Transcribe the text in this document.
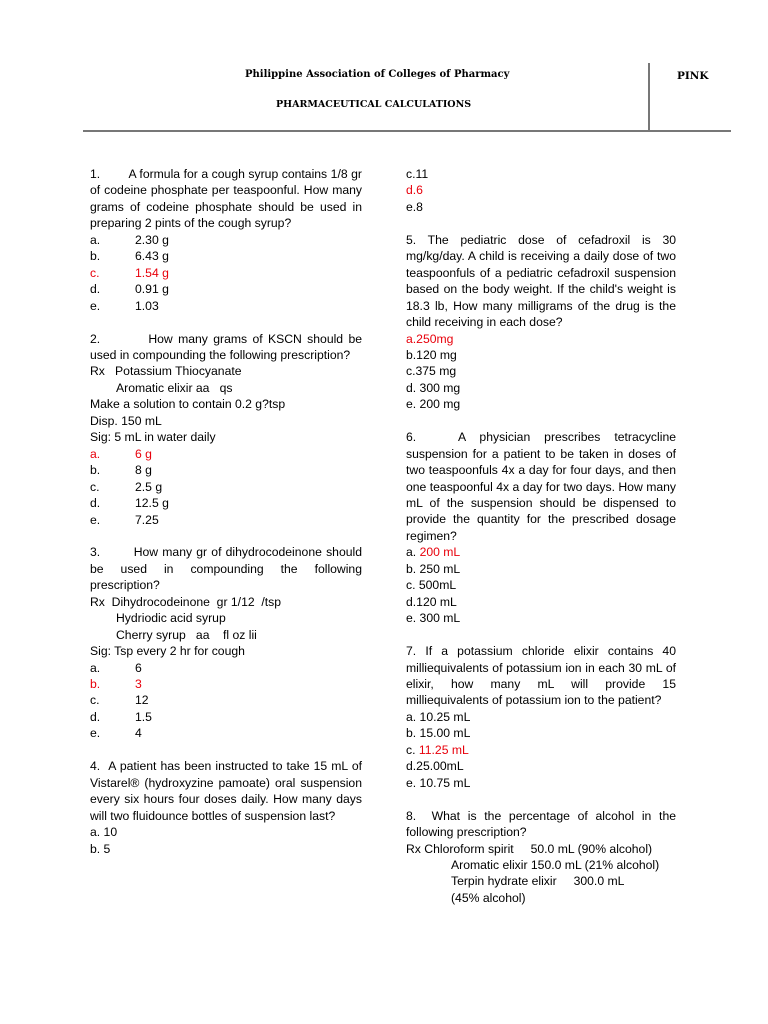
Philippine Association of Colleges of Pharmacy
PHARMACEUTICAL CALCULATIONS
PINK

1.        A formula for a cough syrup contains 1/8 gr of codeine phosphate per teaspoonful. How many grams of codeine phosphate should be used in preparing 2 pints of the cough syrup?

a.	2.30 g

b.	6.43 g

c.	1.54 g

d.	0.91 g

e.	1.03

2.         How many grams of KSCN should be used in compounding the following prescription?

Rx   Potassium Thiocyanate

Aromatic elixir aa   qs

Make a solution to contain 0.2 g?tsp

Disp. 150 mL

Sig: 5 mL in water daily

a.	6 g

b.	8 g

c.	2.5 g

d.	12.5 g

e.	7.25

3.        How many gr of dihydrocodeinone should be used in compounding the following prescription?

Rx  Dihydrocodeinone  gr 1/12  /tsp

Hydriodic acid syrup

Cherry syrup   aa    fl oz lii

Sig: Tsp every 2 hr for cough

a.	6

b.	3

c.	12

d.	1.5

e.	4

4.  A patient has been instructed to take 15 mL of Vistarel® (hydroxyzine pamoate) oral suspension every six hours four doses daily. How many days will two fluidounce bottles of suspension last?

a. 10

b. 5

c.11

d.6

e.8

5. The pediatric dose of cefadroxil is 30 mg/kg/day. A child is receiving a daily dose of two teaspoonfuls of a pediatric cefadroxil suspension based on the body weight. If the child's weight is 18.3 lb, How many milligrams of the drug is the child receiving in each dose?

a.250mg

b.120 mg

c.375 mg

d. 300 mg

e. 200 mg

6.   A physician prescribes tetracycline suspension for a patient to be taken in doses of two teaspoonfuls 4x a day for four days, and then one teaspoonful 4x a day for two days. How many mL of the suspension should be dispensed to provide the quantity for the prescribed dosage regimen?

a. 200 mL

b. 250 mL

c. 500mL

d.120 mL

e. 300 mL

7. If a potassium chloride elixir contains 40 milliequivalents of potassium ion in each 30 mL of elixir, how many mL will provide 15 milliequivalents of potassium ion to the patient?

a. 10.25 mL

b. 15.00 mL

c. 11.25 mL

d.25.00mL

e. 10.75 mL

8.  What is the percentage of alcohol in the following prescription?

Rx Chloroform spirit     50.0 mL (90% alcohol)

Aromatic elixir 150.0 mL (21% alcohol)

Terpin hydrate elixir     300.0 mL

(45% alcohol)
